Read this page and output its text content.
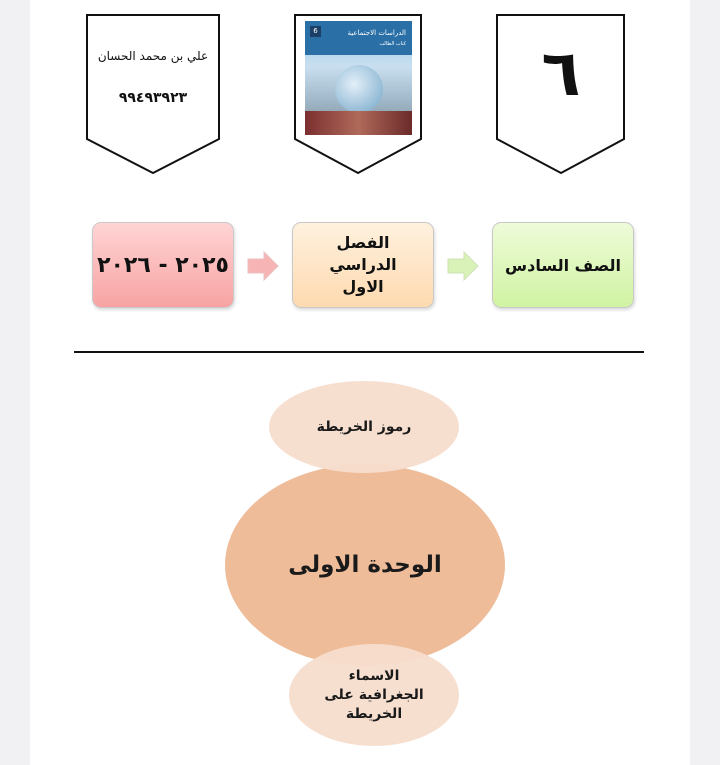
علي بن محمد الحسان
٩٩٤٩٣٩٢٣
6	الدراسات الاجتماعية
كتاب الطالب	٦
٢٠٢٥ - ٢٠٢٦
الفصل الدراسي الاول
الصف السادس
الوحدة الاولى
رموز الخريطة
الاسماء الجغرافية على الخريطة
